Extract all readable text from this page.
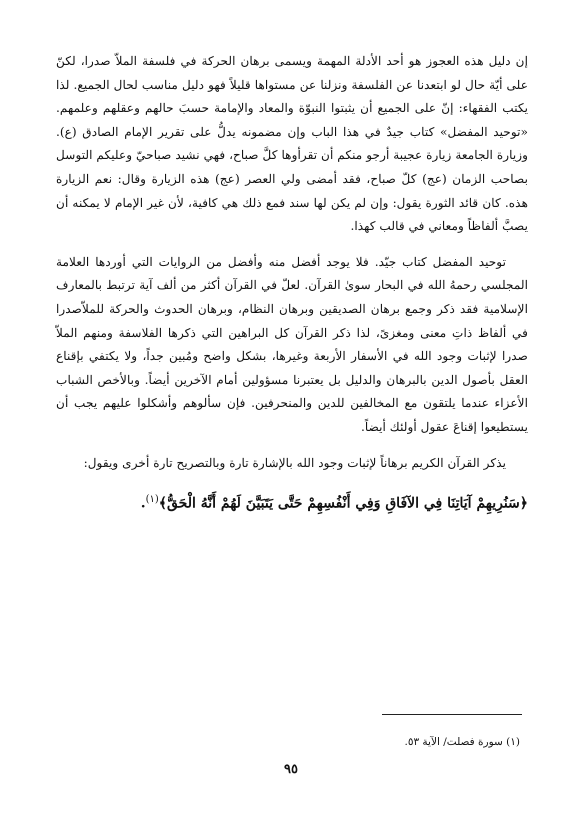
إن دليل هذه العجوز هو أحد الأدلة المهمة ويسمى برهان الحركة في فلسفة الملاّ صدرا، لكنّ على أيّة حال لو ابتعدنا عن الفلسفة ونزلنا عن مستواها قليلاً فهو دليل مناسب لحال الجميع. لذا يكتب الفقهاء: إنّ على الجميع أن يثبتوا النبوّة والمعاد والإمامة حسبَ حالهم وعقلهم وعلمهم. «توحيد المفضل» كتاب جيدٌ في هذا الباب وإن مضمونه يدلُّ على تقرير الإمام الصادق (ع). وزيارة الجامعة زيارة عجيبة أرجو منكم أن تقرأوها كلَّ صباح، فهي نشيد صباحيّ وعليكم التوسل بصاحب الزمان (عج) كلّ صباح، فقد أمضى ولي العصر (عج) هذه الزيارة وقال: نعم الزيارة هذه. كان قائد الثورة يقول: وإن لم يكن لها سند فمع ذلك هي كافية، لأن غير الإمام لا يمكنه أن يصبَّ ألفاظاً ومعاني في قالب كهذا.

توحيد المفضل كتاب جيّد. فلا يوجد أفضل منه وأفضل من الروايات التي أوردها العلامة المجلسي رحمهُ الله في البحار سوىٰ القرآن. لعلّ في القرآن أكثر من ألف آية ترتبط بالمعارف الإسلامية فقد ذكر وجمع برهان الصديقين وبرهان النظام، وبرهان الحدوث والحركة للملاّصدرا في ألفاظ ذاتِ معنى ومغزىً، لذا ذكر القرآن كل البراهين التي ذكرها الفلاسفة ومنهم الملاّ صدرا لإثبات وجود الله في الأسفار الأربعة وغيرها، بشكل واضح ومُبين جداً، ولا يكتفي بإقناع العقل بأصول الدين بالبرهان والدليل بل يعتبرنا مسؤولين أمام الآخرين أيضاً. وبالأخص الشباب الأعزاء عندما يلتقون مع المخالفين للدين والمنحرفين. فإن سألوهم وأشكلوا عليهم يجب أن يستطيعوا إقناعَ عقول أولئك أيضاً.

يذكر القرآن الكريم برهاناً لإثبات وجود الله بالإشارة تارة وبالتصريح تارة أخرى ويقول:

﴿سَنُرِيهِمْ آيَاتِنَا فِي الآفَاقِ وَفِي أَنْفُسِهِمْ حَتَّى يَتَبَيَّنَ لَهُمْ أَنَّهُ الْحَقُّ﴾$^{(١)}$.

(١) سورة فصلت/ الآية ٥٣.
٩٥
